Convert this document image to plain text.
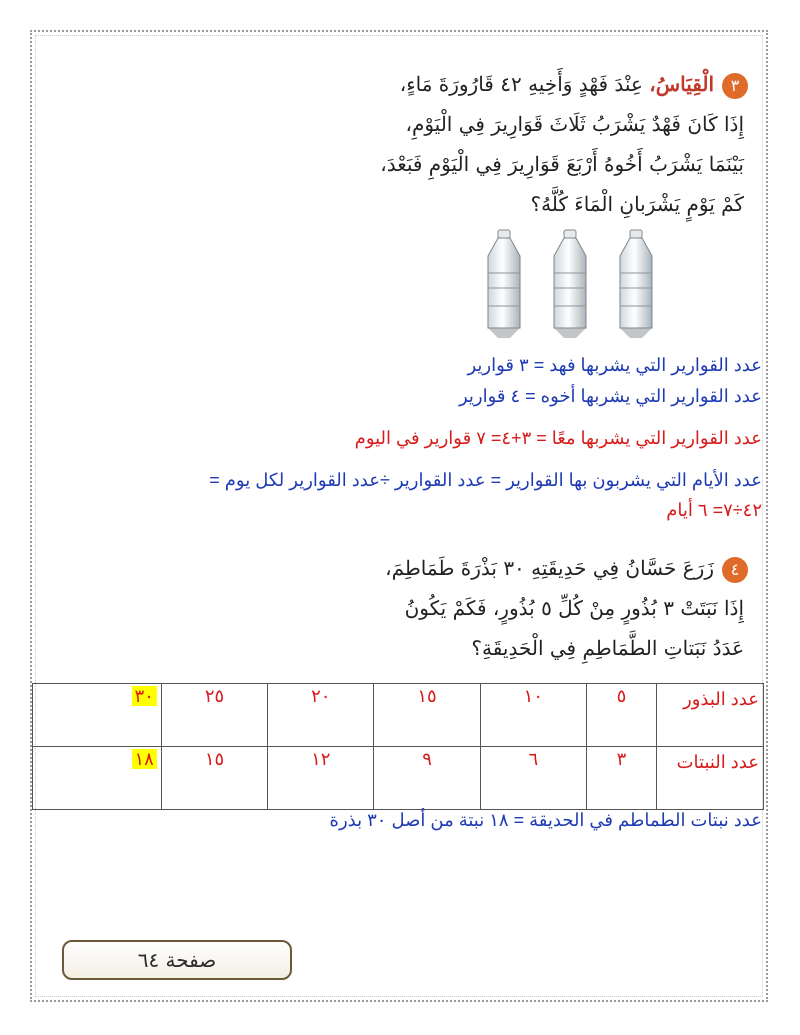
٣الْقِيَاسُ، عِنْدَ فَهْدٍ وَأَخِيهِ ٤٢ قَارُورَةَ مَاءٍ،
إِذَا كَانَ فَهْدٌ يَشْرَبُ ثَلَاثَ قَوَارِيرَ فِي الْيَوْمِ،
بَيْنَمَا يَشْرَبُ أَخُوهُ أَرْبَعَ قَوَارِيرَ فِي الْيَوْمِ فَبَعْدَ،
كَمْ يَوْمٍ يَشْرَبانِ الْمَاءَ كُلَّهُ؟
عدد القوارير التي يشربها فهد = ٣ قوارير
عدد القوارير التي يشربها أخوه = ٤ قوارير
عدد القوارير التي يشربها معًا = ٣+٤= ٧ قوارير في اليوم
عدد الأيام التي يشربون بها القوارير = عدد القوارير ÷عدد القوارير لكل يوم =
٤٢÷٧= ٦ أيام
٤زَرَعَ حَسَّانُ فِي حَدِيقَتِهِ ٣٠ بَذْرَةَ طَمَاطِمَ،
إِذَا نَبَتَتْ ٣ بُذُورٍ مِنْ كُلِّ ٥ بُذُورٍ، فَكَمْ يَكُونُ
عَدَدُ نَبَتاتِ الطَّمَاطِمِ فِي الْحَدِيقَةِ؟
عدد البذور	٥	١٠	١٥	٢٠	٢٥	٣٠
عدد النبتات	٣	٦	٩	١٢	١٥	١٨
عدد نبتات الطماطم في الحديقة = ١٨ نبتة من أصل ٣٠ بذرة
صفحة ٦٤
